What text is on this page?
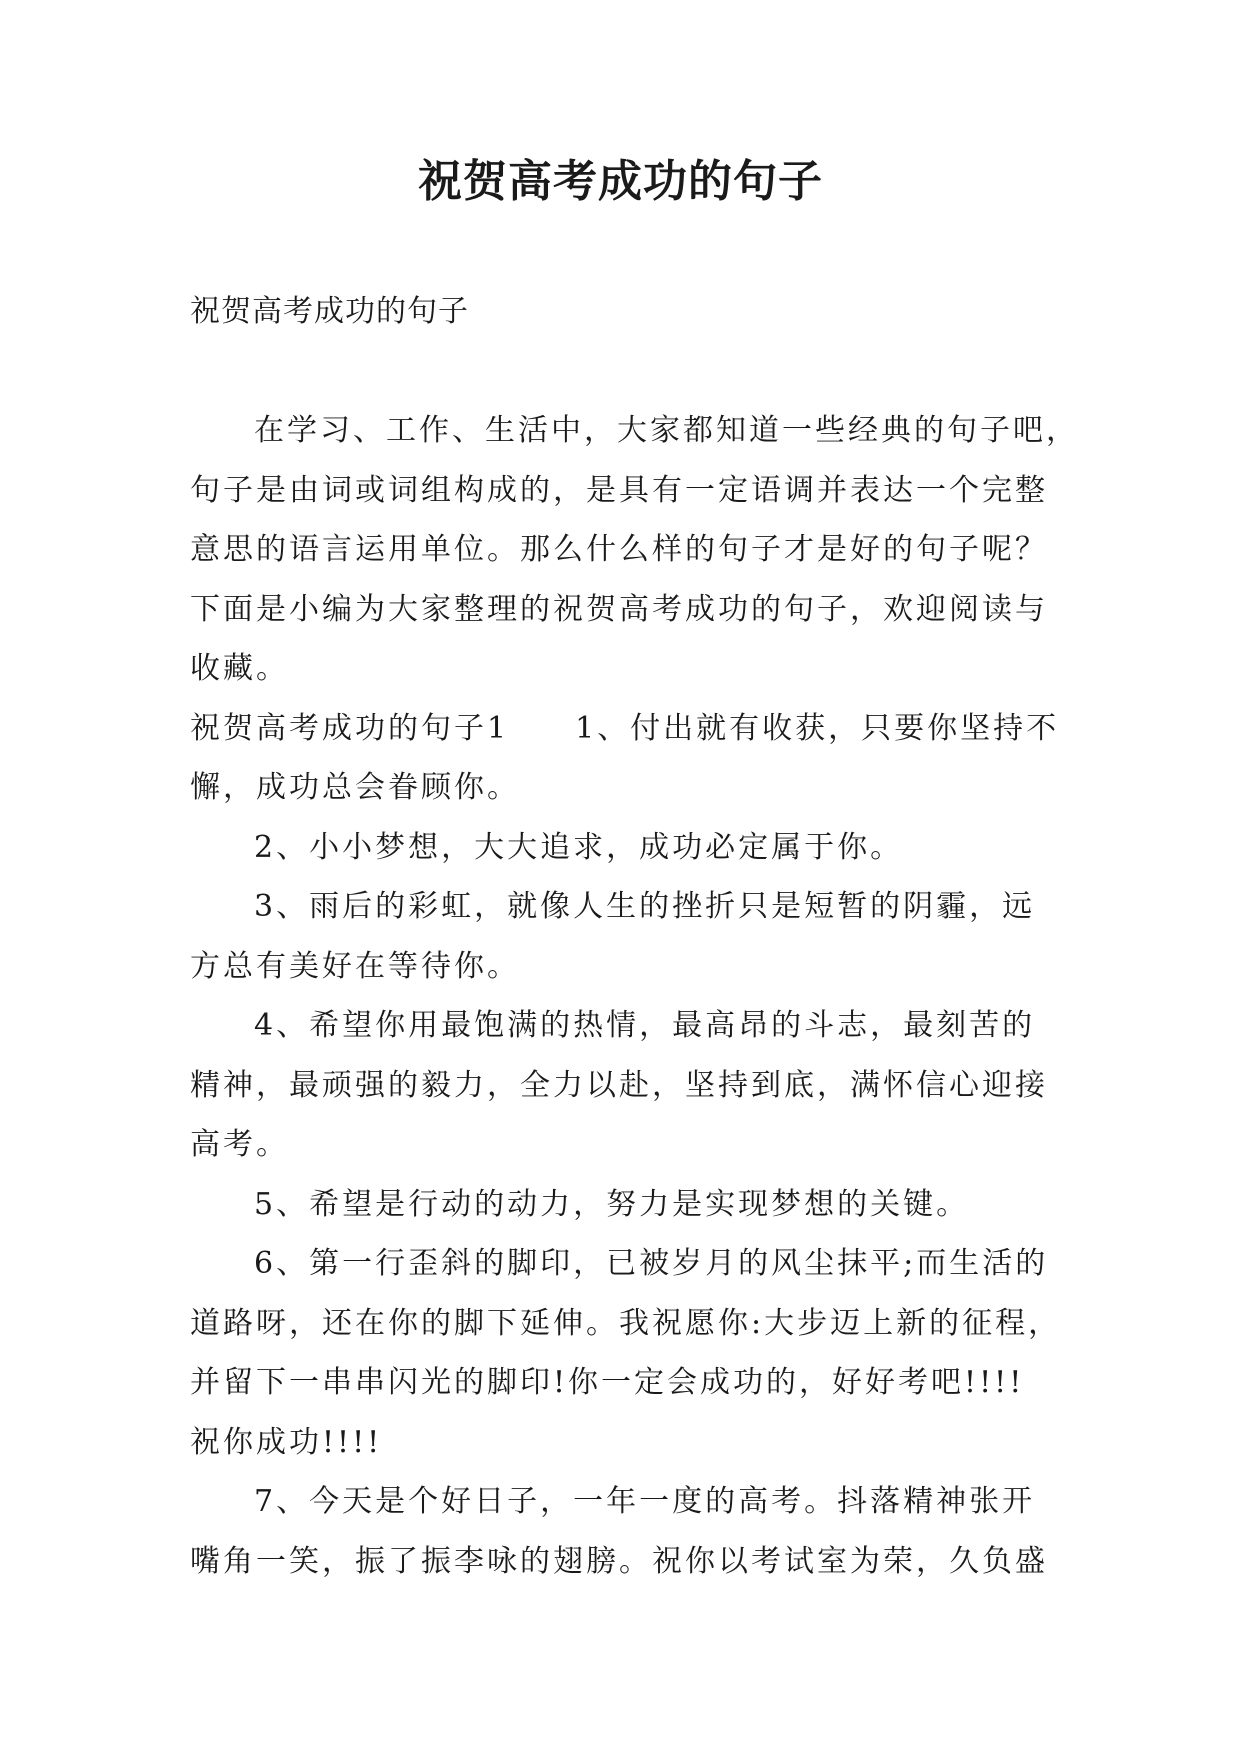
祝贺高考成功的句子

祝贺高考成功的句子

在学习、工作、生活中，大家都知道一些经典的句子吧，

句子是由词或词组构成的，是具有一定语调并表达一个完整

意思的语言运用单位。那么什么样的句子才是好的句子呢？

下面是小编为大家整理的祝贺高考成功的句子，欢迎阅读与

收藏。

祝贺高考成功的句子1　　1、付出就有收获，只要你坚持不

懈，成功总会眷顾你。

2、小小梦想，大大追求，成功必定属于你。

3、雨后的彩虹，就像人生的挫折只是短暂的阴霾，远

方总有美好在等待你。

4、希望你用最饱满的热情，最高昂的斗志，最刻苦的

精神，最顽强的毅力，全力以赴，坚持到底，满怀信心迎接

高考。

5、希望是行动的动力，努力是实现梦想的关键。

6、第一行歪斜的脚印，已被岁月的风尘抹平;而生活的

道路呀，还在你的脚下延伸。我祝愿你:大步迈上新的征程，

并留下一串串闪光的脚印!你一定会成功的，好好考吧!!!!

祝你成功!!!!

7、今天是个好日子，一年一度的高考。抖落精神张开

嘴角一笑，振了振李咏的翅膀。祝你以考试室为荣，久负盛
